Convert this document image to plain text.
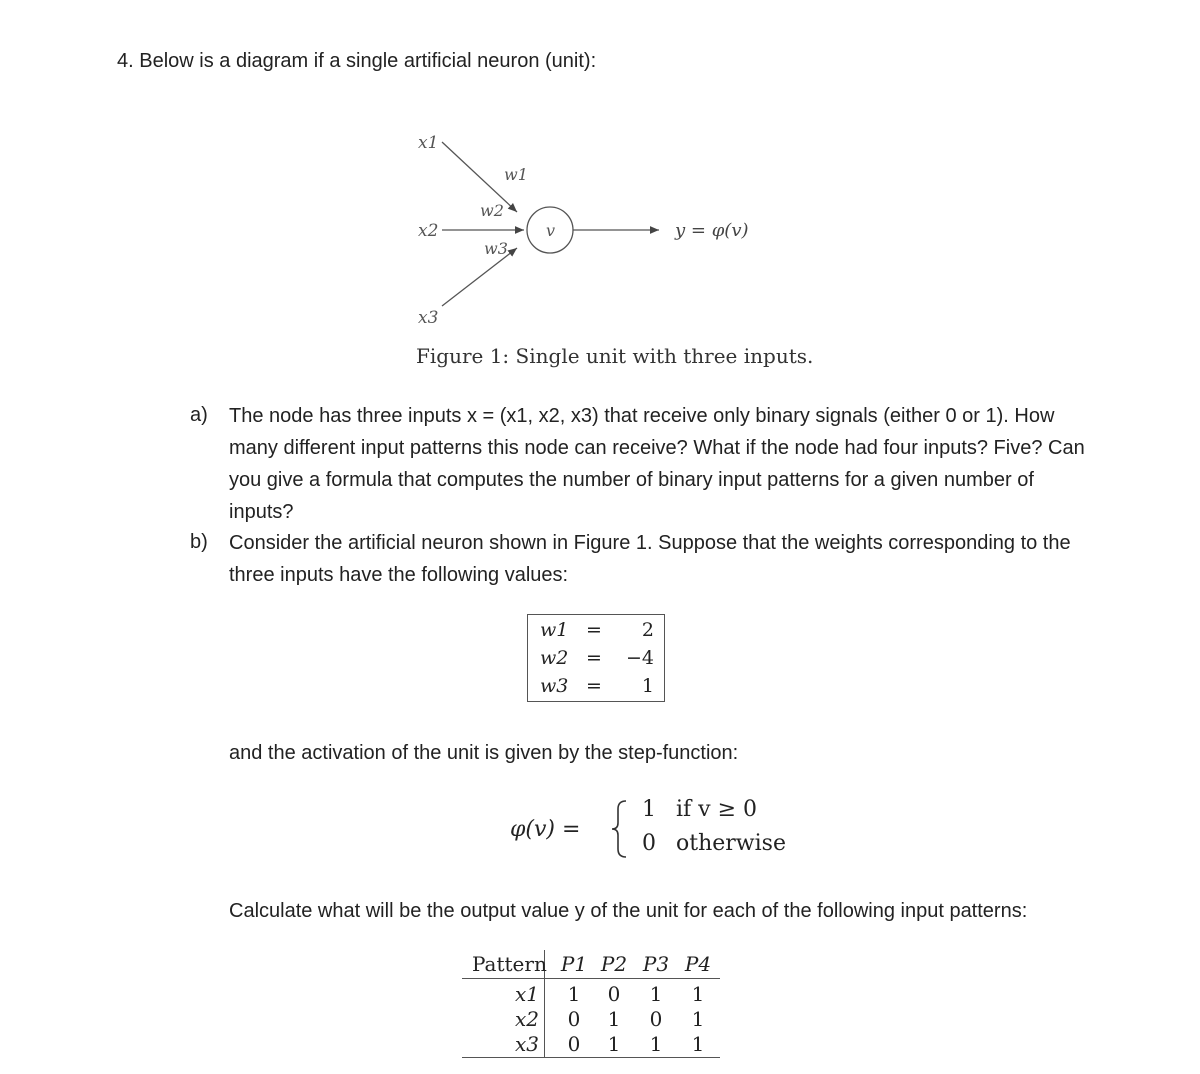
4. Below is a diagram if a single artificial neuron (unit):
x1
x2
x3
w1
w2
w3
v	y = φ(v)
Figure 1: Single unit with three inputs.
a) The node has three inputs x = (x1, x2, x3) that receive only binary signals (either 0 or 1). How many different input patterns this node can receive? What if the node had four inputs? Five? Can you give a formula that computes the number of binary input patterns for a given number of inputs?
b) Consider the artificial neuron shown in Figure 1. Suppose that the weights corresponding to the three inputs have the following values:
w1 = 2
w2 = −4
w3 = 1
and the activation of the unit is given by the step-function:
φ(v) =
1 if v ≥ 0
0 otherwise
Calculate what will be the output value y of the unit for each of the following input patterns:
Pattern P1 P2 P3 P4
x1	1	0	1	1
x2	0	1	0	1
x3	0	1	1	1
